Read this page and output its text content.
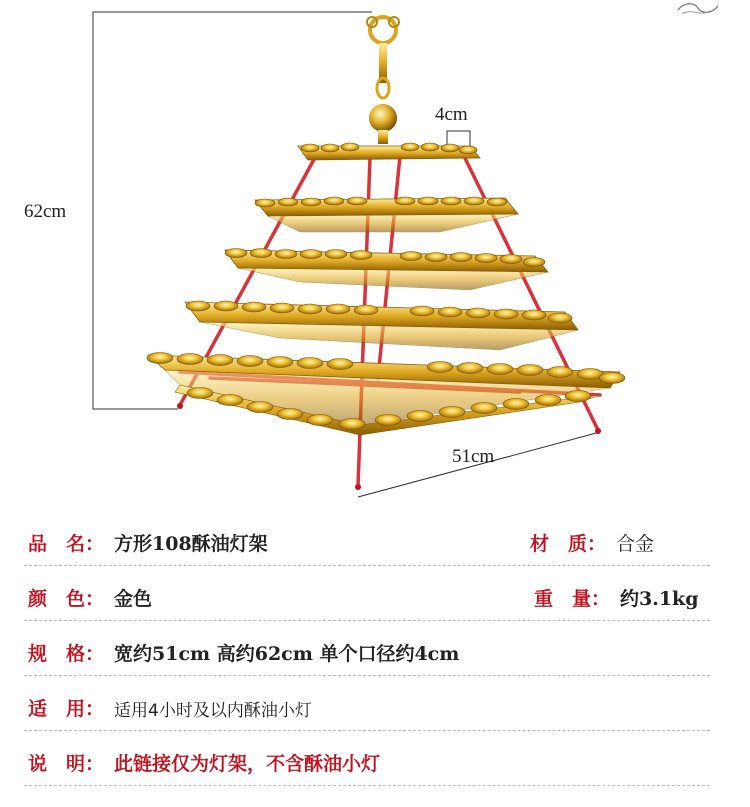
62cm
4cm
51cm
品　名： 方形108酥油灯架	材　质： 合金
颜　色： 金色	重　量： 约3.1kg
规　格： 宽约51cm 高约62cm 单个口径约4cm
适　用： 适用4小时及以内酥油小灯
说　明： 此链接仅为灯架，不含酥油小灯
